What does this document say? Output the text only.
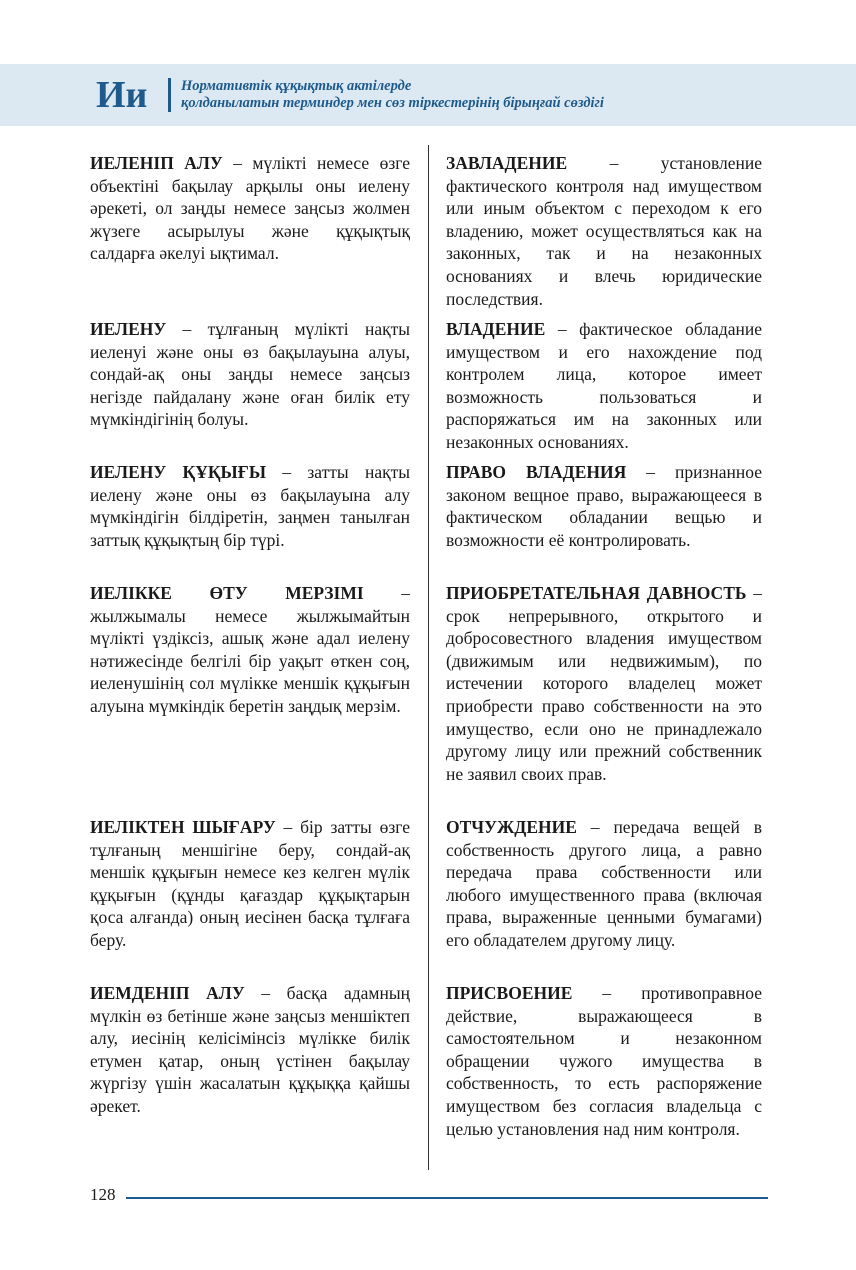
Ии Нормативтік құқықтық актілерде
қолданылатын терминдер мен сөз тіркестерінің бірыңғай сөздігі

ИЕЛЕНІП АЛУ – мүлікті немесе өзге объектіні бақылау арқылы оны иелену әрекеті, ол заңды немесе заңсыз жолмен жүзеге асырылуы және құқықтық салдарға әкелуі ықтимал.

ЗАВЛАДЕНИЕ – установление фактического контроля над имуществом или иным объектом с переходом к его владению, может осуществляться как на законных, так и на незаконных основаниях и влечь юридические последствия.

ИЕЛЕНУ – тұлғаның мүлікті нақты иеленуі және оны өз бақылауына алуы, сондай-ақ оны заңды немесе заңсыз негізде пайдалану және оған билік ету мүмкіндігінің болуы.

ВЛАДЕНИЕ – фактическое обладание имуществом и его нахождение под контролем лица, которое имеет возможность пользоваться и распоряжаться им на законных или незаконных основаниях.

ИЕЛЕНУ ҚҰҚЫҒЫ – затты нақты иелену және оны өз бақылауына алу мүмкіндігін білдіретін, заңмен танылған заттық құқықтың бір түрі.

ПРАВО ВЛАДЕНИЯ – признанное законом вещное право, выражающееся в фактическом обладании вещью и возможности её контролировать.

ИЕЛІККЕ ӨТУ МЕРЗІМІ – жылжымалы немесе жылжымайтын мүлікті үздіксіз, ашық және адал иелену нәтижесінде белгілі бір уақыт өткен соң, иеленушінің сол мүлікке меншік құқығын алуына мүмкіндік беретін заңдық мерзім.

ПРИОБРЕТАТЕЛЬНАЯ ДАВНОСТЬ – срок непрерывного, открытого и добросовестного владения имуществом (движимым или недвижимым), по истечении которого владелец может приобрести право собственности на это имущество, если оно не принадлежало другому лицу или прежний собственник не заявил своих прав.

ИЕЛІКТЕН ШЫҒАРУ – бір затты өзге тұлғаның меншігіне беру, сондай-ақ меншік құқығын немесе кез келген мүлік құқығын (құнды қағаздар құқықтарын қоса алғанда) оның иесінен басқа тұлғаға беру.

ОТЧУЖДЕНИЕ – передача вещей в собственность другого лица, а равно передача права собственности или любого имущественного права (включая права, выраженные ценными бумагами) его обладателем другому лицу.

ИЕМДЕНІП АЛУ – басқа адамның мүлкін өз бетінше және заңсыз меншіктеп алу, иесінің келісімінсіз мүлікке билік етумен қатар, оның үстінен бақылау жүргізу үшін жасалатын құқыққа қайшы әрекет.

ПРИСВОЕНИЕ – противоправное действие, выражающееся в самостоятельном и незаконном обращении чужого имущества в собственность, то есть распоряжение имуществом без согласия владельца с целью установления над ним контроля.

128
